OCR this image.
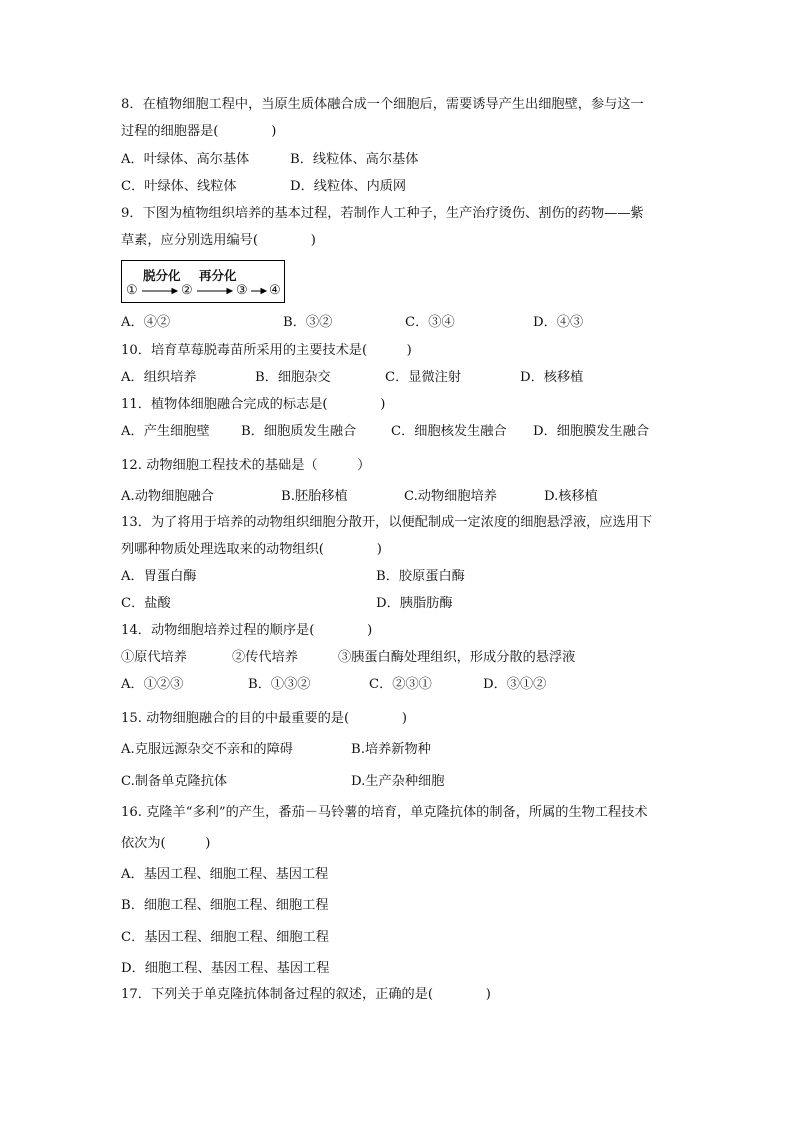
8．在植物细胞工程中，当原生质体融合成一个细胞后，需要诱导产生出细胞壁，参与这一
过程的细胞器是(　　　　)
A．叶绿体、高尔基体	B．线粒体、高尔基体
C．叶绿体、线粒体	D．线粒体、内质网
9．下图为植物组织培养的基本过程，若制作人工种子，生产治疗烫伤、割伤的药物——紫
草素，应分别选用编号(　　　　)
脱分化 再分化
①	②	③ ④
A．④②	B．③②	C．③④	D．④③
10．培育草莓脱毒苗所采用的主要技术是(　　　)
A．组织培养	B．细胞杂交	C．显微注射	D．核移植
11．植物体细胞融合完成的标志是(　　　　)
A．产生细胞壁 B．细胞质发生融合	C．细胞核发生融合 D．细胞膜发生融合
12. 动物细胞工程技术的基础是（　　　）
A.动物细胞融合	B.胚胎移植	C.动物细胞培养	D.核移植
13．为了将用于培养的动物组织细胞分散开，以便配制成一定浓度的细胞悬浮液，应选用下
列哪种物质处理选取来的动物组织(　　　　)
A．胃蛋白酶	B．胶原蛋白酶
C．盐酸	D．胰脂肪酶
14．动物细胞培养过程的顺序是(　　　　)
①原代培养	②传代培养	③胰蛋白酶处理组织，形成分散的悬浮液
A．①②③	B．①③②	C．②③①	D．③①②
15. 动物细胞融合的目的中最重要的是(　　　　)
A.克服远源杂交不亲和的障碍	B.培养新物种
C.制备单克隆抗体	D.生产杂种细胞
16. 克隆羊“多利”的产生，番茄－马铃薯的培育，单克隆抗体的制备，所属的生物工程技术
依次为(　　　)
A．基因工程、细胞工程、基因工程
B．细胞工程、细胞工程、细胞工程
C．基因工程、细胞工程、细胞工程
D．细胞工程、基因工程、基因工程
17．下列关于单克隆抗体制备过程的叙述，正确的是(　　　　)
